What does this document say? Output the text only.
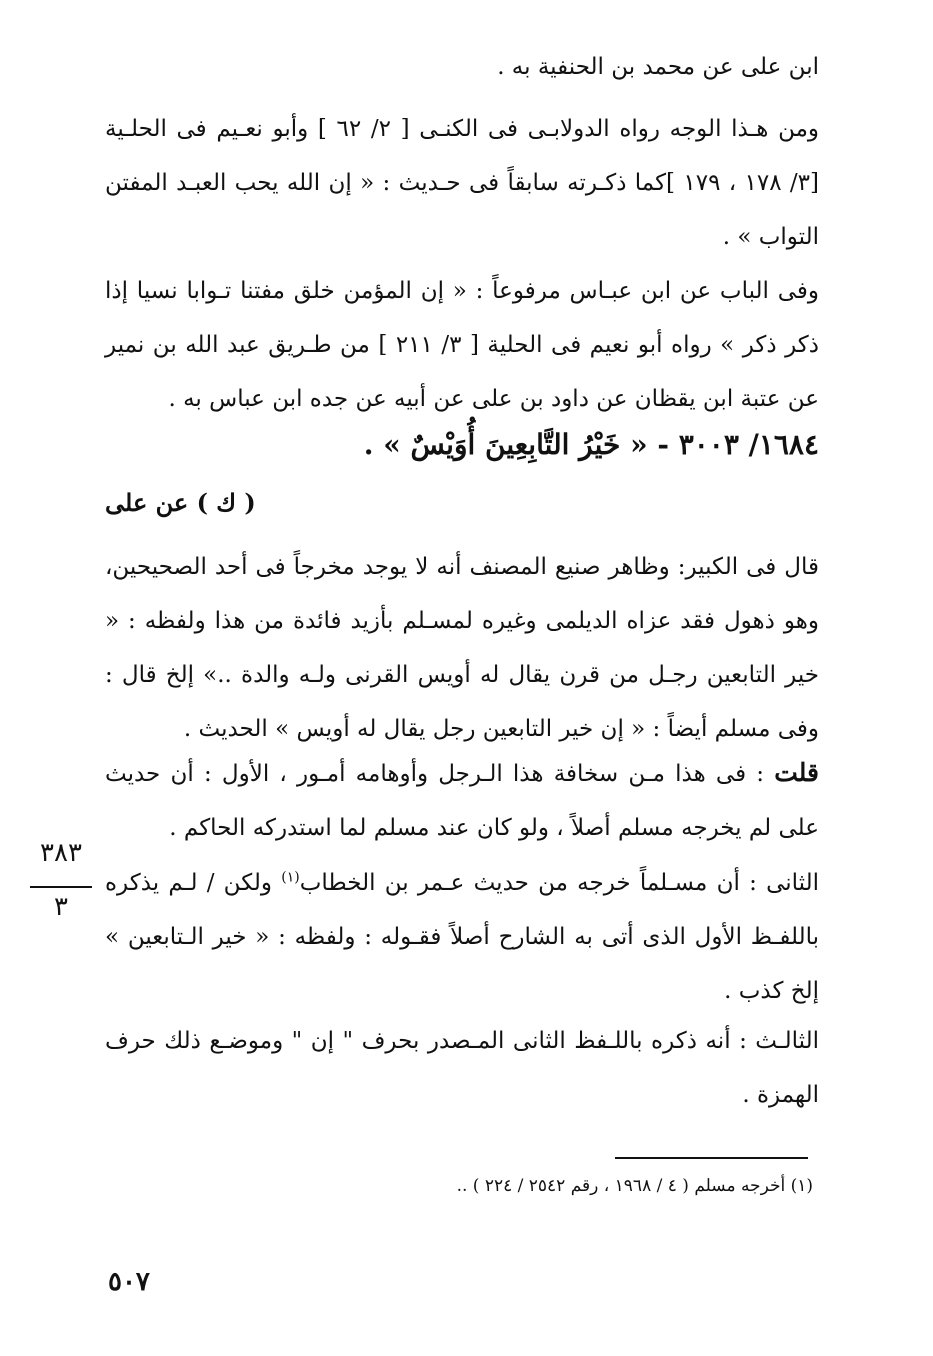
ابن على عن محمد بن الحنفية به .

ومن هـذا الوجه رواه الدولابـى فى الكنـى [ ٢/ ٦٢ ] وأبو نعـيم فى الحلـية [٣/ ١٧٨ ، ١٧٩ ]كما ذكـرته سابقاً فى حـديث : « إن الله يحب العبـد المفتن التواب » .

وفى الباب عن ابن عبـاس مرفوعاً : « إن المؤمن خلق مفتنا تـوابا نسيا إذا ذكر ذكر » رواه أبو نعيم فى الحلية [ ٣/ ٢١١ ] من طـريق عبد الله بن نمير عن عتبة ابن يقظان عن داود بن على عن أبيه عن جده ابن عباس به .

١٦٨٤/ ٣٠٠٣ - « خَيْرُ التَّابِعِينَ أُوَيْسٌ » .
( ك ) عن على

قال فى الكبير: وظاهر صنيع المصنف أنه لا يوجد مخرجاً فى أحد الصحيحين، وهو ذهول فقد عزاه الديلمى وغيره لمسـلم بأزيد فائدة من هذا ولفظه : « خير التابعين رجـل من قرن يقال له أويس القرنى ولـه والدة ..» إلخ قال : وفى مسلم أيضاً : « إن خير التابعين رجل يقال له أويس » الحديث .

قلت : فى هذا مـن سخافة هذا الـرجل وأوهامه أمـور ، الأول : أن حديث على لم يخرجه مسلم أصلاً ، ولو كان عند مسلم لما استدركه الحاكم .

الثانى : أن مسـلماً خرجه من حديث عـمر بن الخطاب$^{(١)}$ ولكن / لـم يذكره باللفـظ الأول الذى أتى به الشارح أصلاً فقـوله : ولفظه : « خير الـتابعين » إلخ كذب .

الثالـث : أنه ذكره باللـفظ الثانى المـصدر بحرف " إن " وموضـع ذلك حرف الهمزة .

٣٨٣
٣
(١) أخرجه مسلم ( ٤ / ١٩٦٨ ، رقم ٢٥٤٢ / ٢٢٤ ) ..
٥٠٧
